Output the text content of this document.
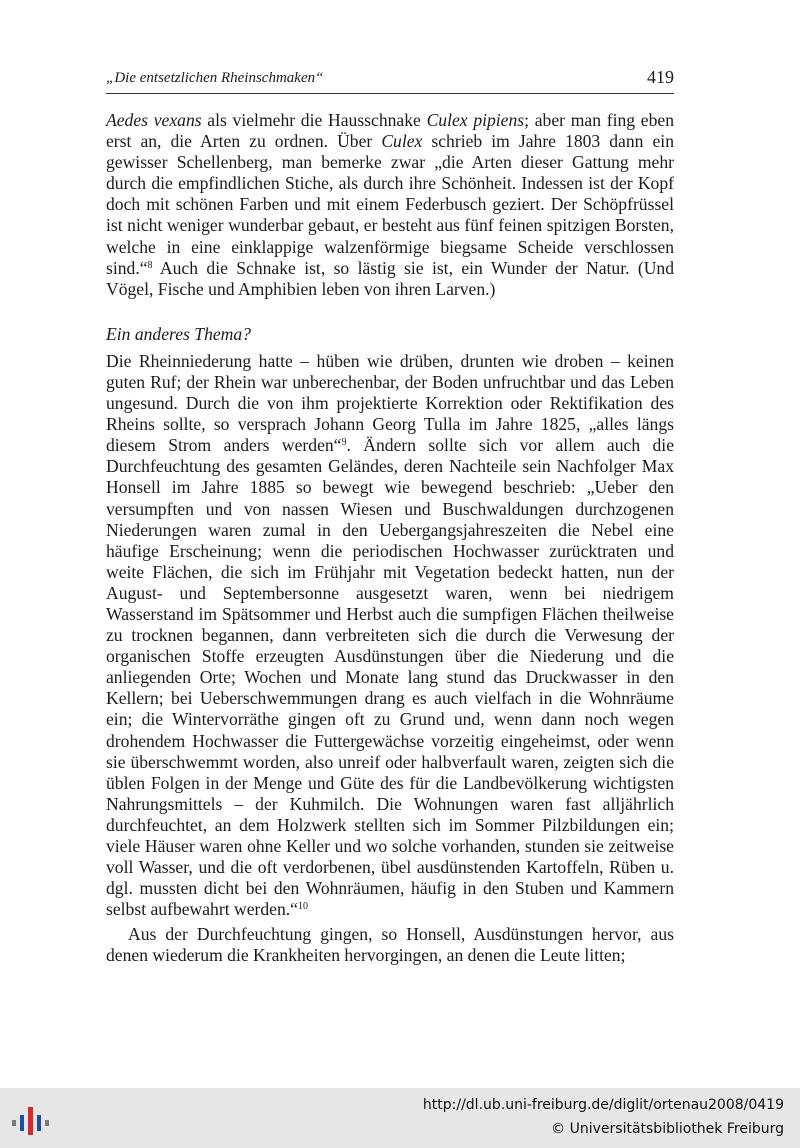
„Die entsetzlichen Rheinschmaken“	419

Aedes vexans als vielmehr die Hausschnake Culex pipiens; aber man fing eben erst an, die Arten zu ordnen. Über Culex schrieb im Jahre 1803 dann ein gewisser Schellenberg, man bemerke zwar „die Arten dieser Gattung mehr durch die empfindlichen Stiche, als durch ihre Schönheit. Indessen ist der Kopf doch mit schönen Farben und mit einem Federbusch geziert. Der Schöpfrüssel ist nicht weniger wunderbar gebaut, er besteht aus fünf feinen spitzigen Borsten, welche in eine einklappige walzenförmige biegsame Scheide verschlossen sind.“$^8$ Auch die Schnake ist, so lästig sie ist, ein Wunder der Natur. (Und Vögel, Fische und Amphibien leben von ihren Larven.)

Ein anderes Thema?

Die Rheinniederung hatte – hüben wie drüben, drunten wie droben – keinen guten Ruf; der Rhein war unberechenbar, der Boden unfruchtbar und das Leben ungesund. Durch die von ihm projektierte Korrektion oder Rektifikation des Rheins sollte, so versprach Johann Georg Tulla im Jahre 1825, „alles längs diesem Strom anders werden“$^9$. Ändern sollte sich vor allem auch die Durchfeuchtung des gesamten Geländes, deren Nachteile sein Nachfolger Max Honsell im Jahre 1885 so bewegt wie bewegend beschrieb: „Ueber den versumpften und von nassen Wiesen und Buschwaldungen durchzogenen Niederungen waren zumal in den Uebergangsjahreszeiten die Nebel eine häufige Erscheinung; wenn die periodischen Hochwasser zurücktraten und weite Flächen, die sich im Frühjahr mit Vegetation bedeckt hatten, nun der August- und Septembersonne ausgesetzt waren, wenn bei niedrigem Wasserstand im Spätsommer und Herbst auch die sumpfigen Flächen theilweise zu trocknen begannen, dann verbreiteten sich die durch die Verwesung der organischen Stoffe erzeugten Ausdünstungen über die Niederung und die anliegenden Orte; Wochen und Monate lang stund das Druckwasser in den Kellern; bei Ueberschwemmungen drang es auch vielfach in die Wohnräume ein; die Wintervorräthe gingen oft zu Grund und, wenn dann noch wegen drohendem Hochwasser die Futtergewächse vorzeitig eingeheimst, oder wenn sie überschwemmt worden, also unreif oder halbverfault waren, zeigten sich die üblen Folgen in der Menge und Güte des für die Landbevölkerung wichtigsten Nahrungsmittels – der Kuhmilch. Die Wohnungen waren fast alljährlich durchfeuchtet, an dem Holzwerk stellten sich im Sommer Pilzbildungen ein; viele Häuser waren ohne Keller und wo solche vorhanden, stunden sie zeitweise voll Wasser, und die oft verdorbenen, übel ausdünstenden Kartoffeln, Rüben u. dgl. mussten dicht bei den Wohnräumen, häufig in den Stuben und Kammern selbst aufbewahrt werden.“$^{10}$

Aus der Durchfeuchtung gingen, so Honsell, Ausdünstungen hervor, aus denen wiederum die Krankheiten hervorgingen, an denen die Leute litten;

http://dl.ub.uni-freiburg.de/diglit/ortenau2008/0419
© Universitätsbibliothek Freiburg
